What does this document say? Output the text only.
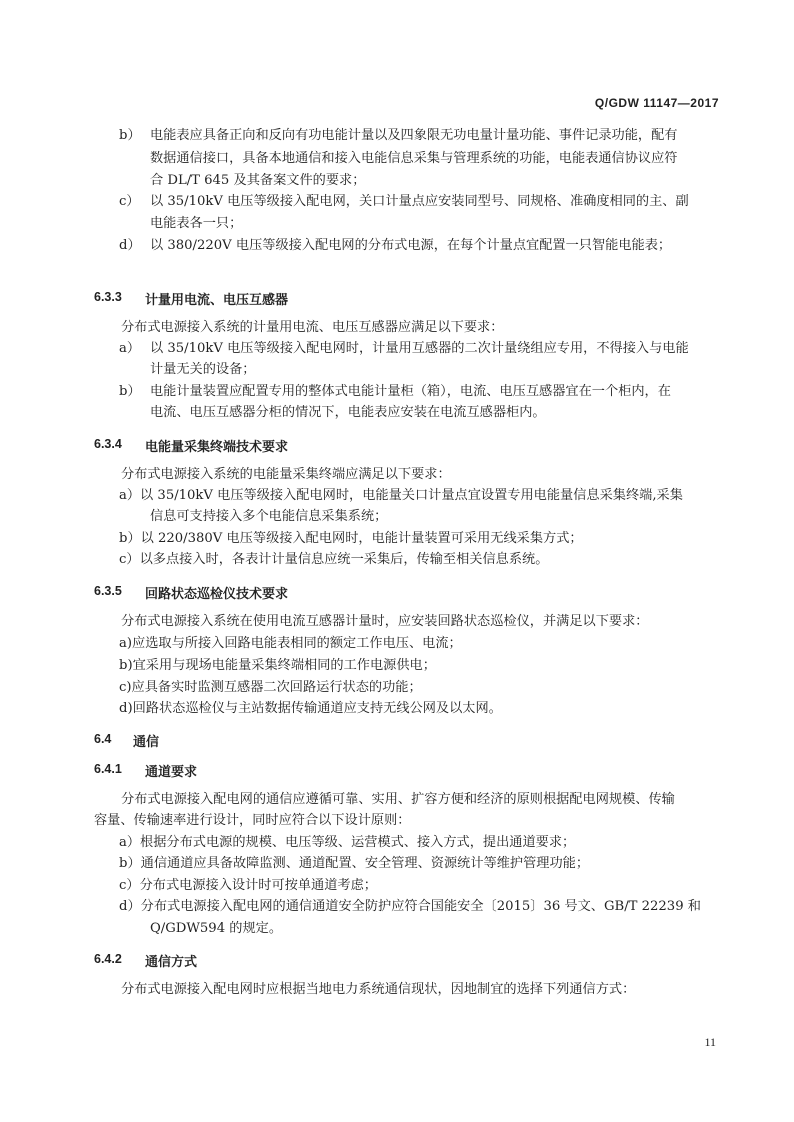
Q/GDW 11147—2017
b） 电能表应具备正向和反向有功电能计量以及四象限无功电量计量功能、事件记录功能，配有
数据通信接口，具备本地通信和接入电能信息采集与管理系统的功能，电能表通信协议应符
合 DL/T 645 及其备案文件的要求；
c） 以 35/10kV 电压等级接入配电网，关口计量点应安装同型号、同规格、准确度相同的主、副
电能表各一只；
d） 以 380/220V 电压等级接入配电网的分布式电源，在每个计量点宜配置一只智能电能表；
6.3.3 计量用电流、电压互感器
分布式电源接入系统的计量用电流、电压互感器应满足以下要求：
a） 以 35/10kV 电压等级接入配电网时，计量用互感器的二次计量绕组应专用，不得接入与电能
计量无关的设备；
b） 电能计量装置应配置专用的整体式电能计量柜（箱），电流、电压互感器宜在一个柜内，在
电流、电压互感器分柜的情况下，电能表应安装在电流互感器柜内。
6.3.4 电能量采集终端技术要求
分布式电源接入系统的电能量采集终端应满足以下要求：
a）以 35/10kV 电压等级接入配电网时，电能量关口计量点宜设置专用电能量信息采集终端,采集
信息可支持接入多个电能信息采集系统；
b）以 220/380V 电压等级接入配电网时，电能计量装置可采用无线采集方式；
c）以多点接入时，各表计计量信息应统一采集后，传输至相关信息系统。
6.3.5 回路状态巡检仪技术要求
分布式电源接入系统在使用电流互感器计量时，应安装回路状态巡检仪，并满足以下要求：
a)应选取与所接入回路电能表相同的额定工作电压、电流；
b)宜采用与现场电能量采集终端相同的工作电源供电；
c)应具备实时监测互感器二次回路运行状态的功能；
d)回路状态巡检仪与主站数据传输通道应支持无线公网及以太网。
6.4 通信
6.4.1 通道要求
分布式电源接入配电网的通信应遵循可靠、实用、扩容方便和经济的原则根据配电网规模、传输
容量、传输速率进行设计，同时应符合以下设计原则：
a）根据分布式电源的规模、电压等级、运营模式、接入方式，提出通道要求；
b）通信通道应具备故障监测、通道配置、安全管理、资源统计等维护管理功能；
c）分布式电源接入设计时可按单通道考虑；
d）分布式电源接入配电网的通信通道安全防护应符合国能安全〔2015〕36 号文、GB/T 22239 和
Q/GDW594 的规定。
6.4.2 通信方式
分布式电源接入配电网时应根据当地电力系统通信现状，因地制宜的选择下列通信方式：
11
